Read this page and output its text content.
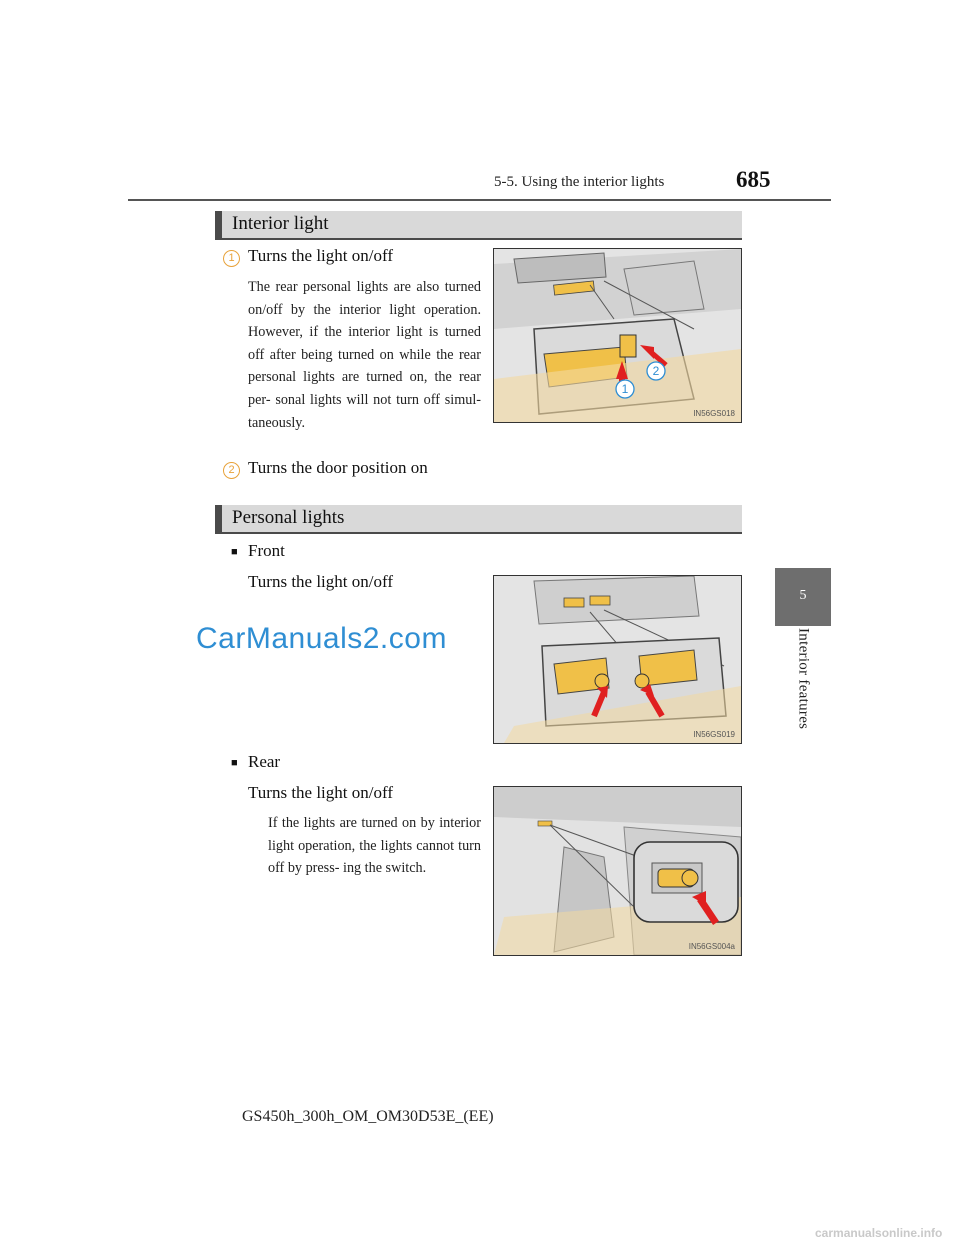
5-5. Using the interior lights	685
5
Interior features
Interior light
1 Turns the light on/off
The rear personal lights are also turned on/off by the interior light operation. However, if the interior light is turned off after being turned on while the rear personal lights are turned on, the rear per- sonal lights will not turn off simul- taneously.
2 Turns the door position on
1
2
IN56GS018
Personal lights
■ Front
Turns the light on/off
IN56GS019
■ Rear
Turns the light on/off
If the lights are turned on by interior light operation, the lights cannot turn off by press- ing the switch.
IN56GS004a
GS450h_300h_OM_OM30D53E_(EE)
CarManuals2.com
carmanualsonline.info
